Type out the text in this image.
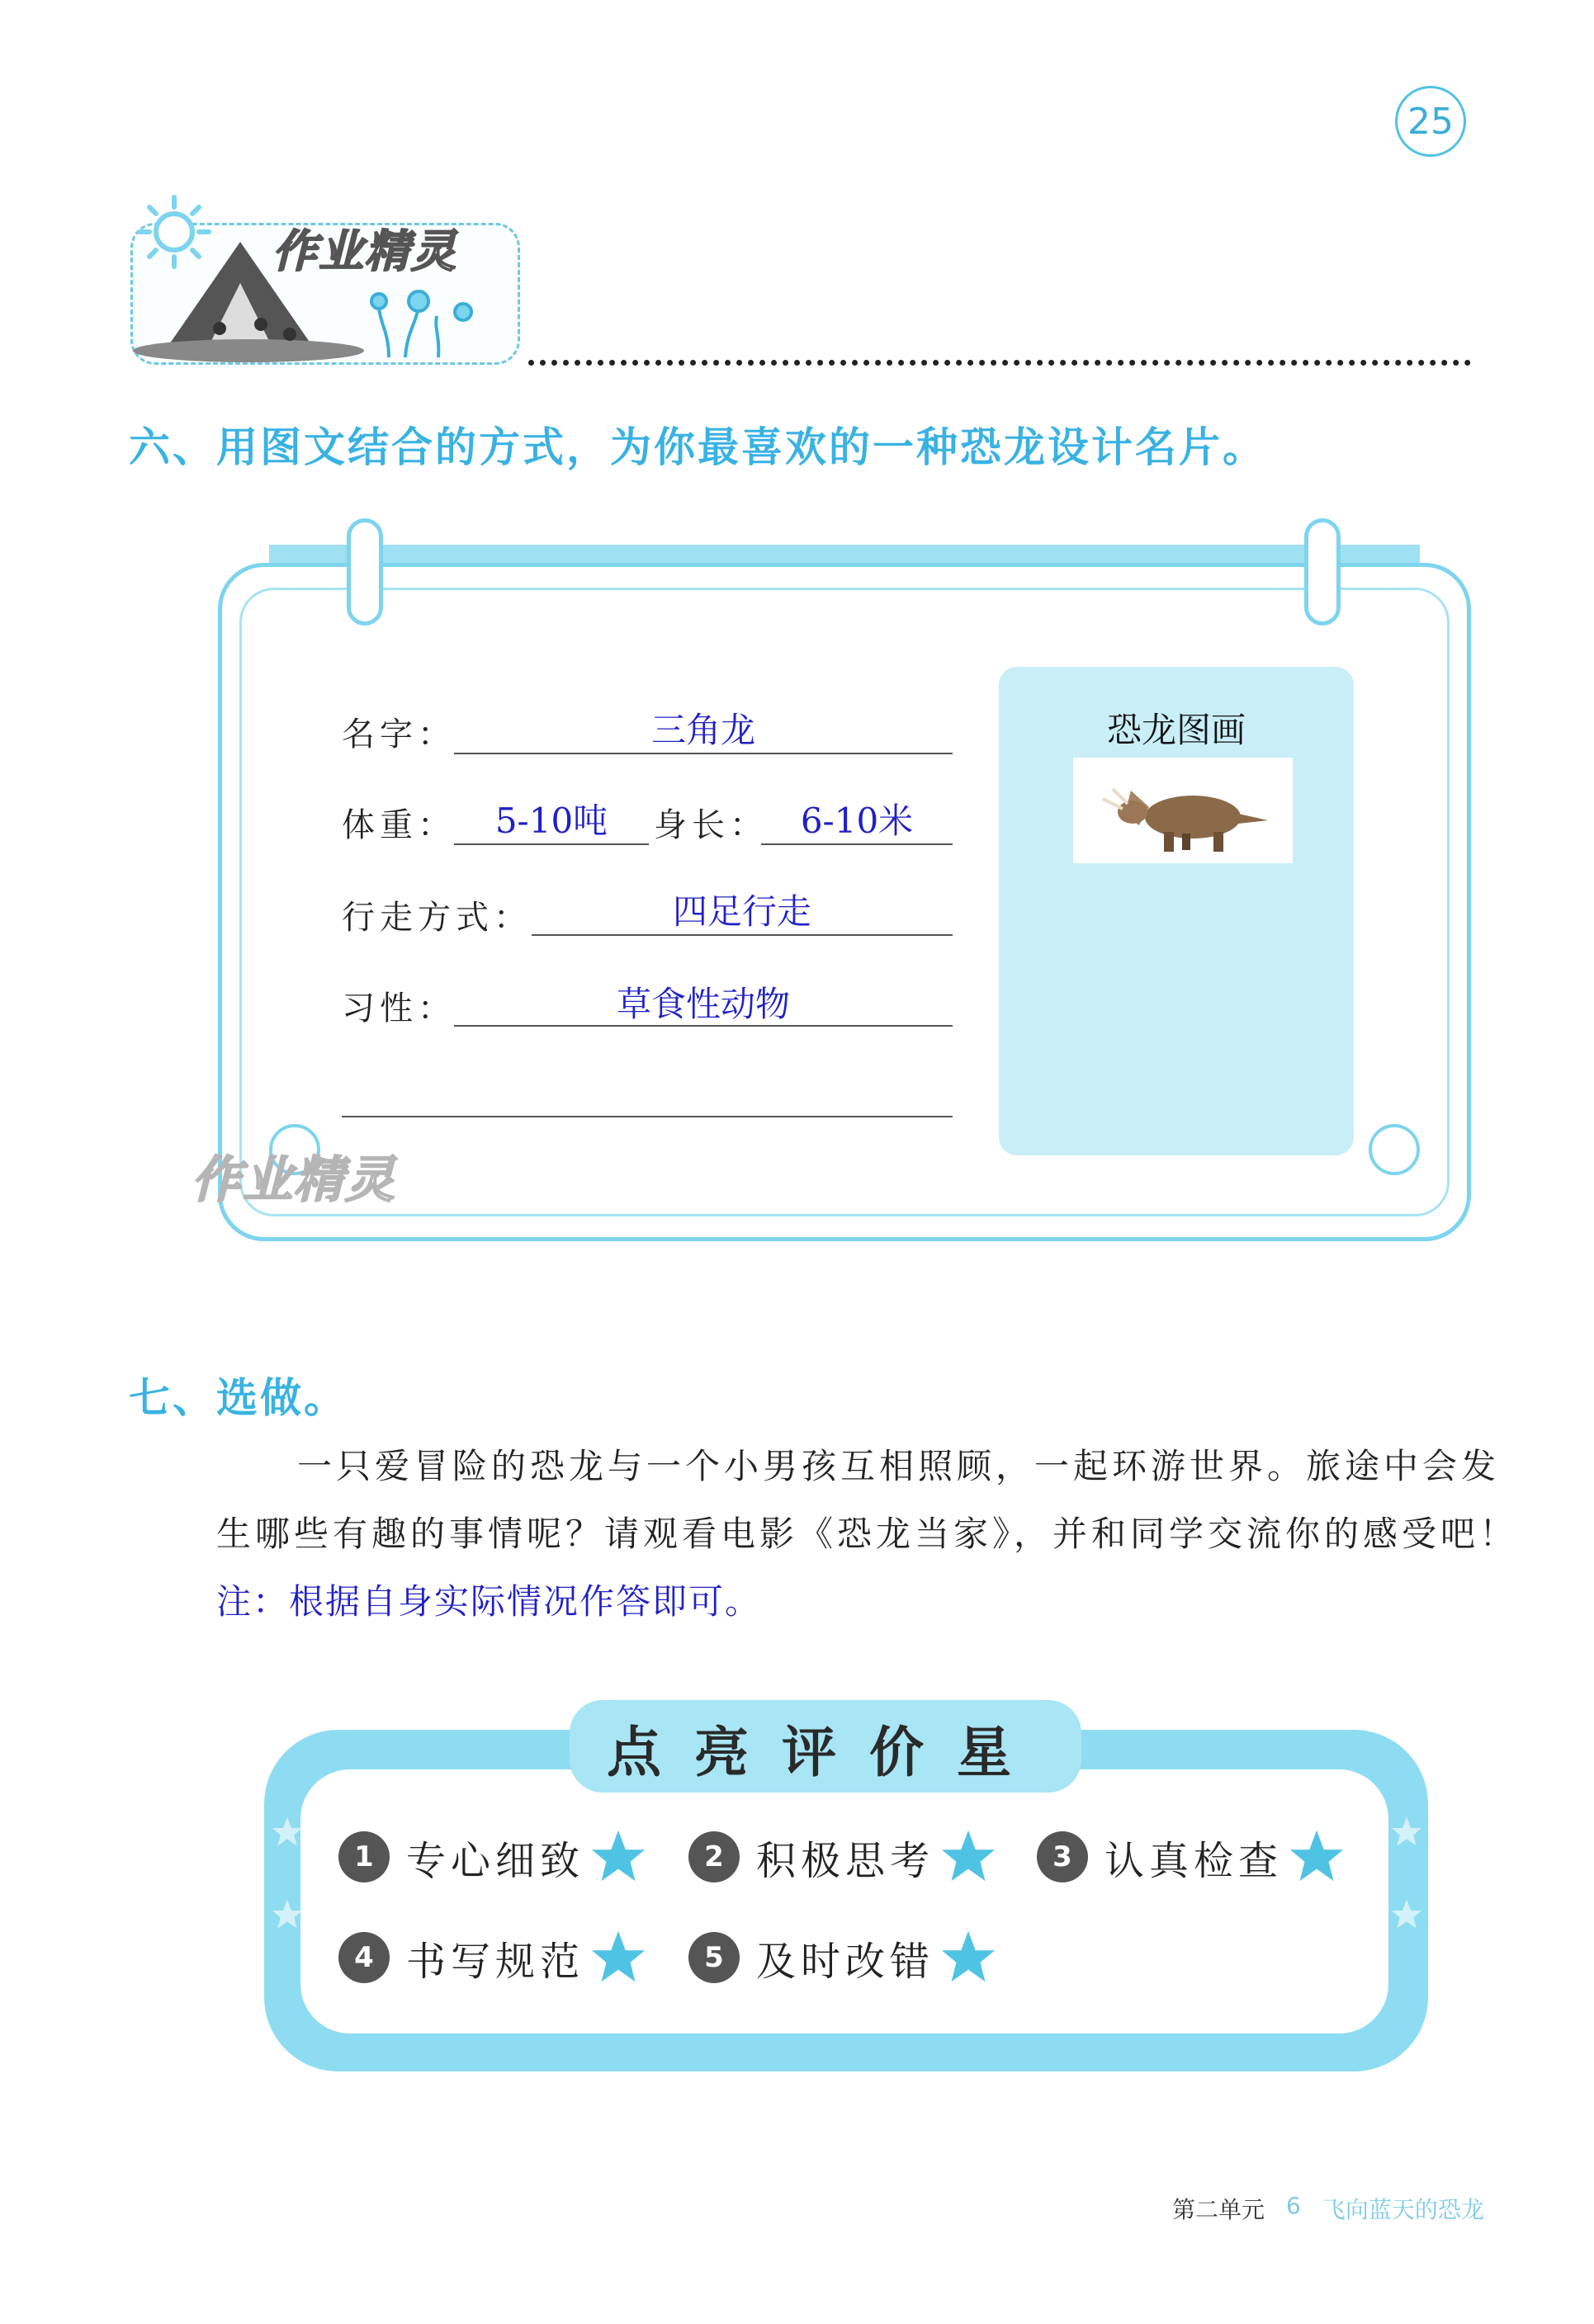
25
作业精灵
六、用图文结合的方式，为你最喜欢的一种恐龙设计名片。
名字：	三角龙
体重：	5-10吨	身长： 6-10米
行走方式：	四足行走
习性：	草食性动物
恐龙图画
作业精灵
七、选做。
一只爱冒险的恐龙与一个小男孩互相照顾，一起环游世界。旅途中会发
生哪些有趣的事情呢？请观看电影《恐龙当家》，并和同学交流你的感受吧！
注：根据自身实际情况作答即可。
点亮评价星
1 专心细致	2 积极思考	3 认真检查
4 书写规范	5 及时改错
第二单元 6 飞向蓝天的恐龙
